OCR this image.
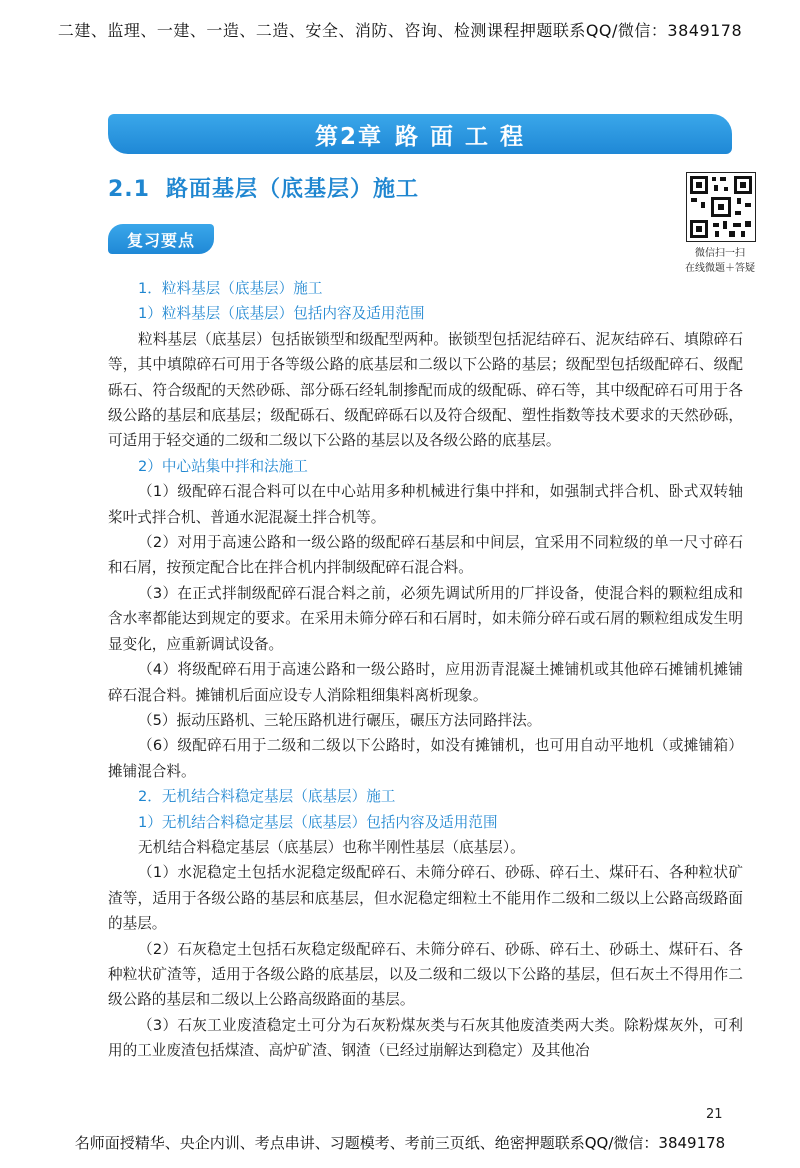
二建、监理、一建、一造、二造、安全、消防、咨询、检测课程押题联系QQ/微信：3849178
第2章 路 面 工 程
2.1 路面基层（底基层）施工
微信扫一扫
在线微题＋答疑
复习要点
1．粒料基层（底基层）施工
1）粒料基层（底基层）包括内容及适用范围

粒料基层（底基层）包括嵌锁型和级配型两种。嵌锁型包括泥结碎石、泥灰结碎石、填隙碎石等，其中填隙碎石可用于各等级公路的底基层和二级以下公路的基层；级配型包括级配碎石、级配砾石、符合级配的天然砂砾、部分砾石经轧制掺配而成的级配砾、碎石等，其中级配碎石可用于各级公路的基层和底基层；级配砾石、级配碎砾石以及符合级配、塑性指数等技术要求的天然砂砾，可适用于轻交通的二级和二级以下公路的基层以及各级公路的底基层。

2）中心站集中拌和法施工

（1）级配碎石混合料可以在中心站用多种机械进行集中拌和，如强制式拌合机、卧式双转轴桨叶式拌合机、普通水泥混凝土拌合机等。

（2）对用于高速公路和一级公路的级配碎石基层和中间层，宜采用不同粒级的单一尺寸碎石和石屑，按预定配合比在拌合机内拌制级配碎石混合料。

（3）在正式拌制级配碎石混合料之前，必须先调试所用的厂拌设备，使混合料的颗粒组成和含水率都能达到规定的要求。在采用未筛分碎石和石屑时，如未筛分碎石或石屑的颗粒组成发生明显变化，应重新调试设备。

（4）将级配碎石用于高速公路和一级公路时，应用沥青混凝土摊铺机或其他碎石摊铺机摊铺碎石混合料。摊铺机后面应设专人消除粗细集料离析现象。

（5）振动压路机、三轮压路机进行碾压，碾压方法同路拌法。

（6）级配碎石用于二级和二级以下公路时，如没有摊铺机，也可用自动平地机（或摊铺箱）摊铺混合料。

2．无机结合料稳定基层（底基层）施工
1）无机结合料稳定基层（底基层）包括内容及适用范围

无机结合料稳定基层（底基层）也称半刚性基层（底基层）。

（1）水泥稳定土包括水泥稳定级配碎石、未筛分碎石、砂砾、碎石土、煤矸石、各种粒状矿渣等，适用于各级公路的基层和底基层，但水泥稳定细粒土不能用作二级和二级以上公路高级路面的基层。

（2）石灰稳定土包括石灰稳定级配碎石、未筛分碎石、砂砾、碎石土、砂砾土、煤矸石、各种粒状矿渣等，适用于各级公路的底基层，以及二级和二级以下公路的基层，但石灰土不得用作二级公路的基层和二级以上公路高级路面的基层。

（3）石灰工业废渣稳定土可分为石灰粉煤灰类与石灰其他废渣类两大类。除粉煤灰外，可利用的工业废渣包括煤渣、高炉矿渣、钢渣（已经过崩解达到稳定）及其他冶

21
名师面授精华、央企内训、考点串讲、习题模考、考前三页纸、绝密押题联系QQ/微信：3849178
